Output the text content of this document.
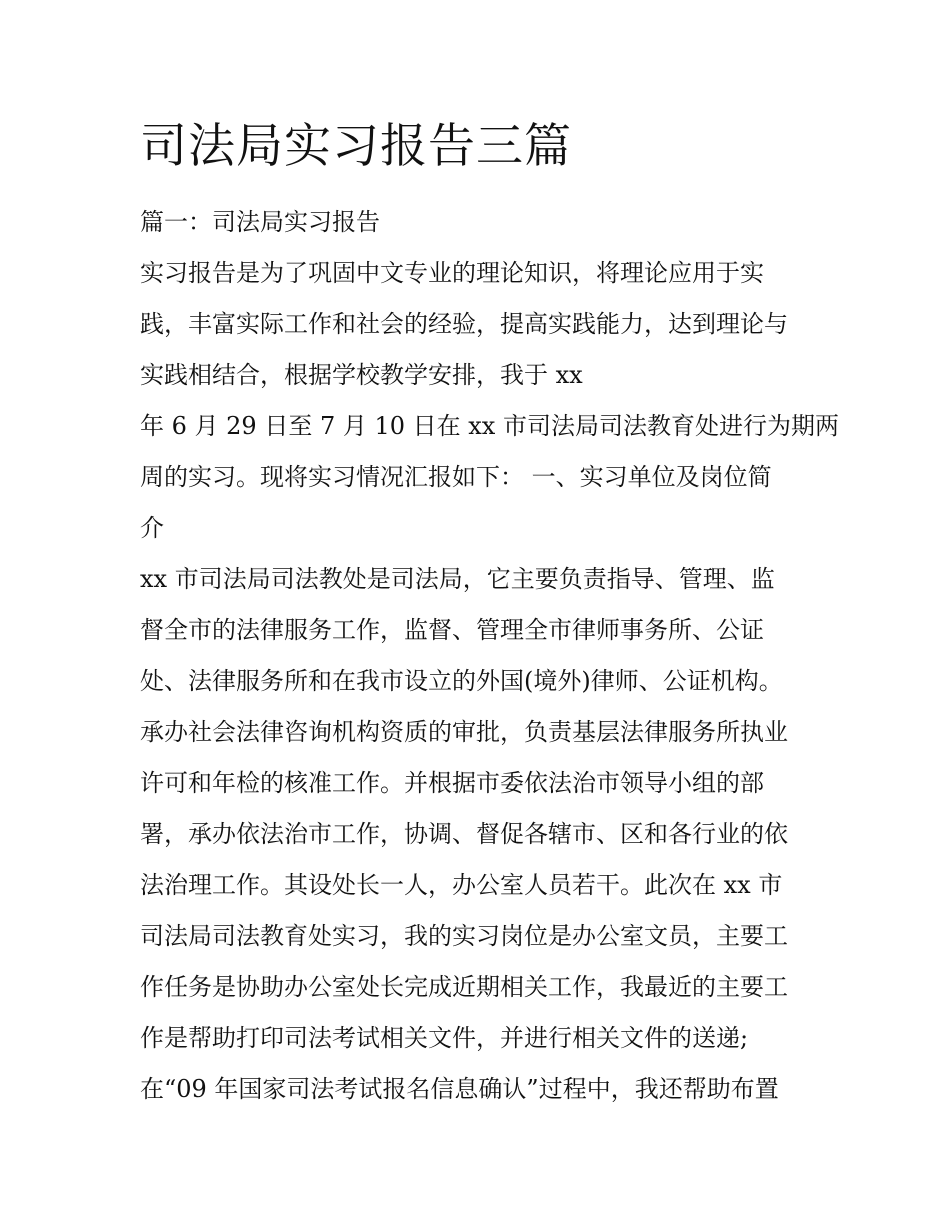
司法局实习报告三篇

篇一：司法局实习报告

实习报告是为了巩固中文专业的理论知识，将理论应用于实

践，丰富实际工作和社会的经验，提高实践能力，达到理论与

实践相结合，根据学校教学安排，我于 xx

年 6 月 29 日至 7 月 10 日在 xx 市司法局司法教育处进行为期两

周的实习。现将实习情况汇报如下： 一、实习单位及岗位简

介

xx 市司法局司法教处是司法局，它主要负责指导、管理、监

督全市的法律服务工作，监督、管理全市律师事务所、公证

处、法律服务所和在我市设立的外国(境外)律师、公证机构。

承办社会法律咨询机构资质的审批，负责基层法律服务所执业

许可和年检的核准工作。并根据市委依法治市领导小组的部

署，承办依法治市工作，协调、督促各辖市、区和各行业的依

法治理工作。其设处长一人，办公室人员若干。此次在 xx 市

司法局司法教育处实习，我的实习岗位是办公室文员，主要工

作任务是协助办公室处长完成近期相关工作，我最近的主要工

作是帮助打印司法考试相关文件，并进行相关文件的送递;

在“09 年国家司法考试报名信息确认”过程中，我还帮助布置
